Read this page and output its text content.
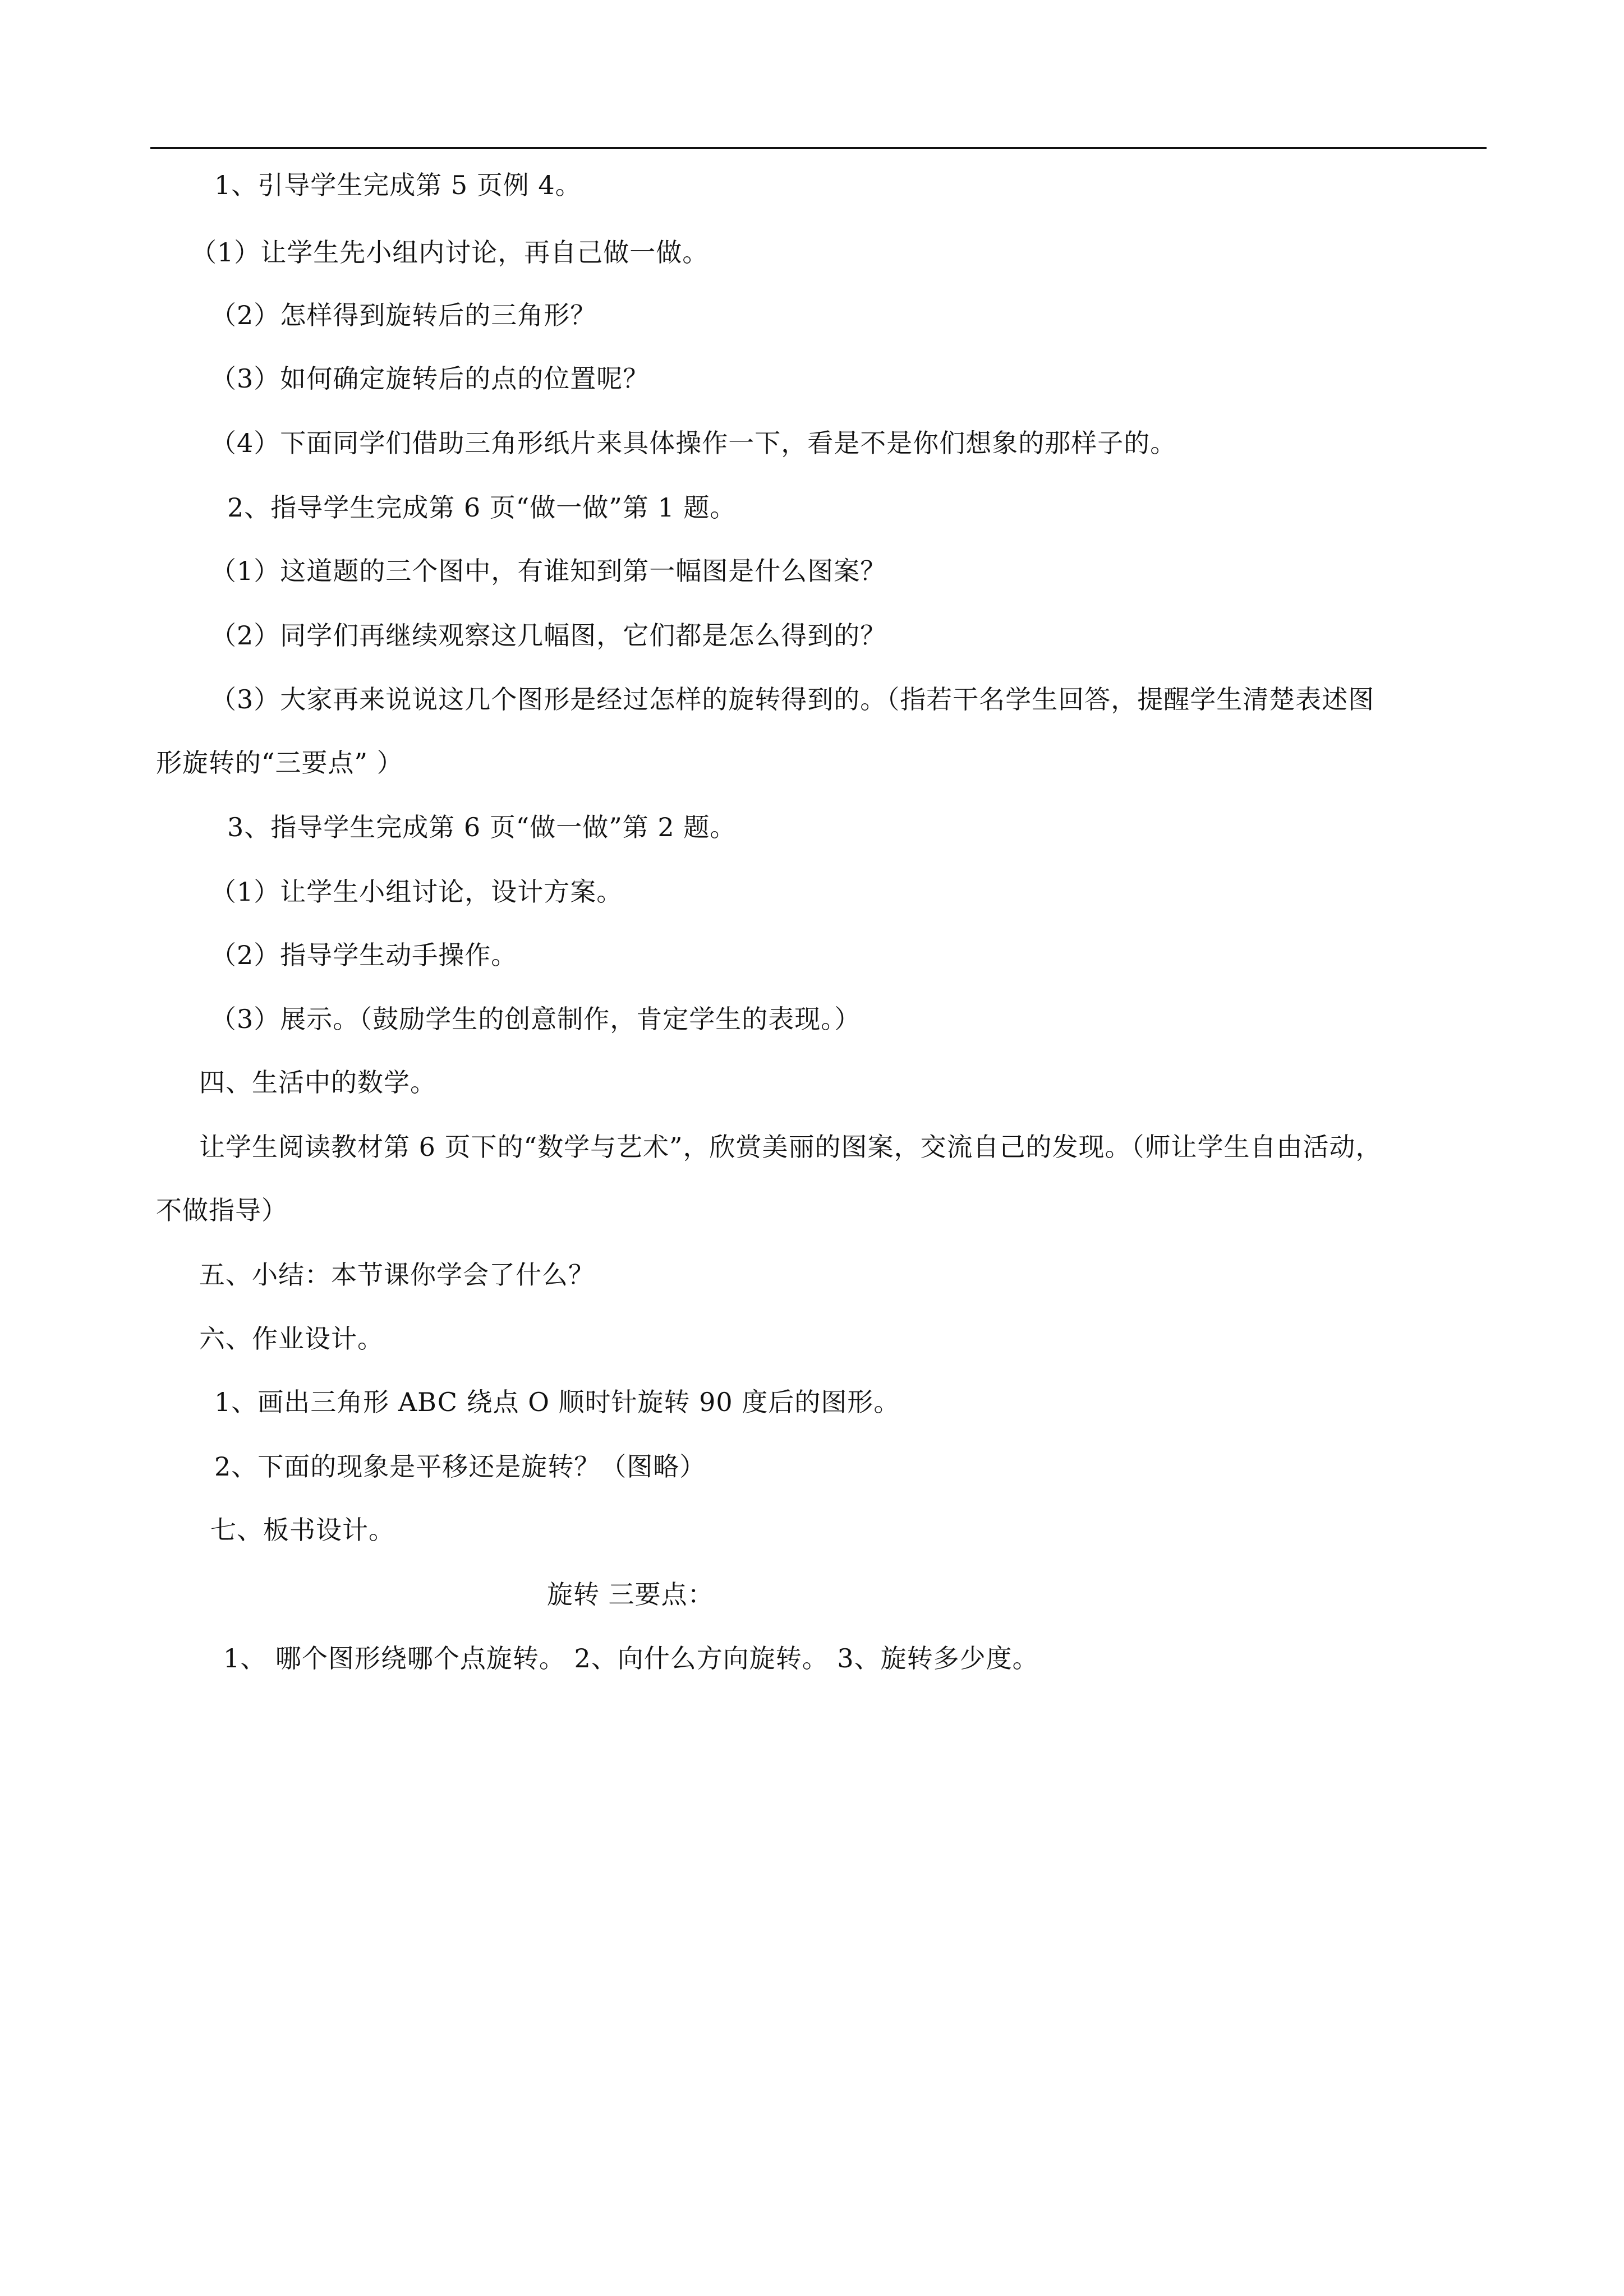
1、引导学生完成第 5 页例 4。
（1）让学生先小组内讨论，再自己做一做。
（2）怎样得到旋转后的三角形？
（3）如何确定旋转后的点的位置呢？
（4）下面同学们借助三角形纸片来具体操作一下，看是不是你们想象的那样子的。
2、指导学生完成第 6 页“做一做”第 1 题。
（1）这道题的三个图中，有谁知到第一幅图是什么图案？
（2）同学们再继续观察这几幅图，它们都是怎么得到的？
（3）大家再来说说这几个图形是经过怎样的旋转得到的。（指若干名学生回答，提醒学生清楚表述图
形旋转的“三要点” ）
3、指导学生完成第 6 页“做一做”第 2 题。
（1）让学生小组讨论，设计方案。
（2）指导学生动手操作。
（3）展示。（鼓励学生的创意制作，肯定学生的表现。）
四、生活中的数学。
让学生阅读教材第 6 页下的“数学与艺术”，欣赏美丽的图案，交流自己的发现。（师让学生自由活动，
不做指导）
五、小结：本节课你学会了什么？
六、作业设计。
1、画出三角形 ABC 绕点 O 顺时针旋转 90 度后的图形。
2、下面的现象是平移还是旋转？（图略）
七、板书设计。
旋转 三要点：
1、 哪个图形绕哪个点旋转。 2、向什么方向旋转。 3、旋转多少度。
